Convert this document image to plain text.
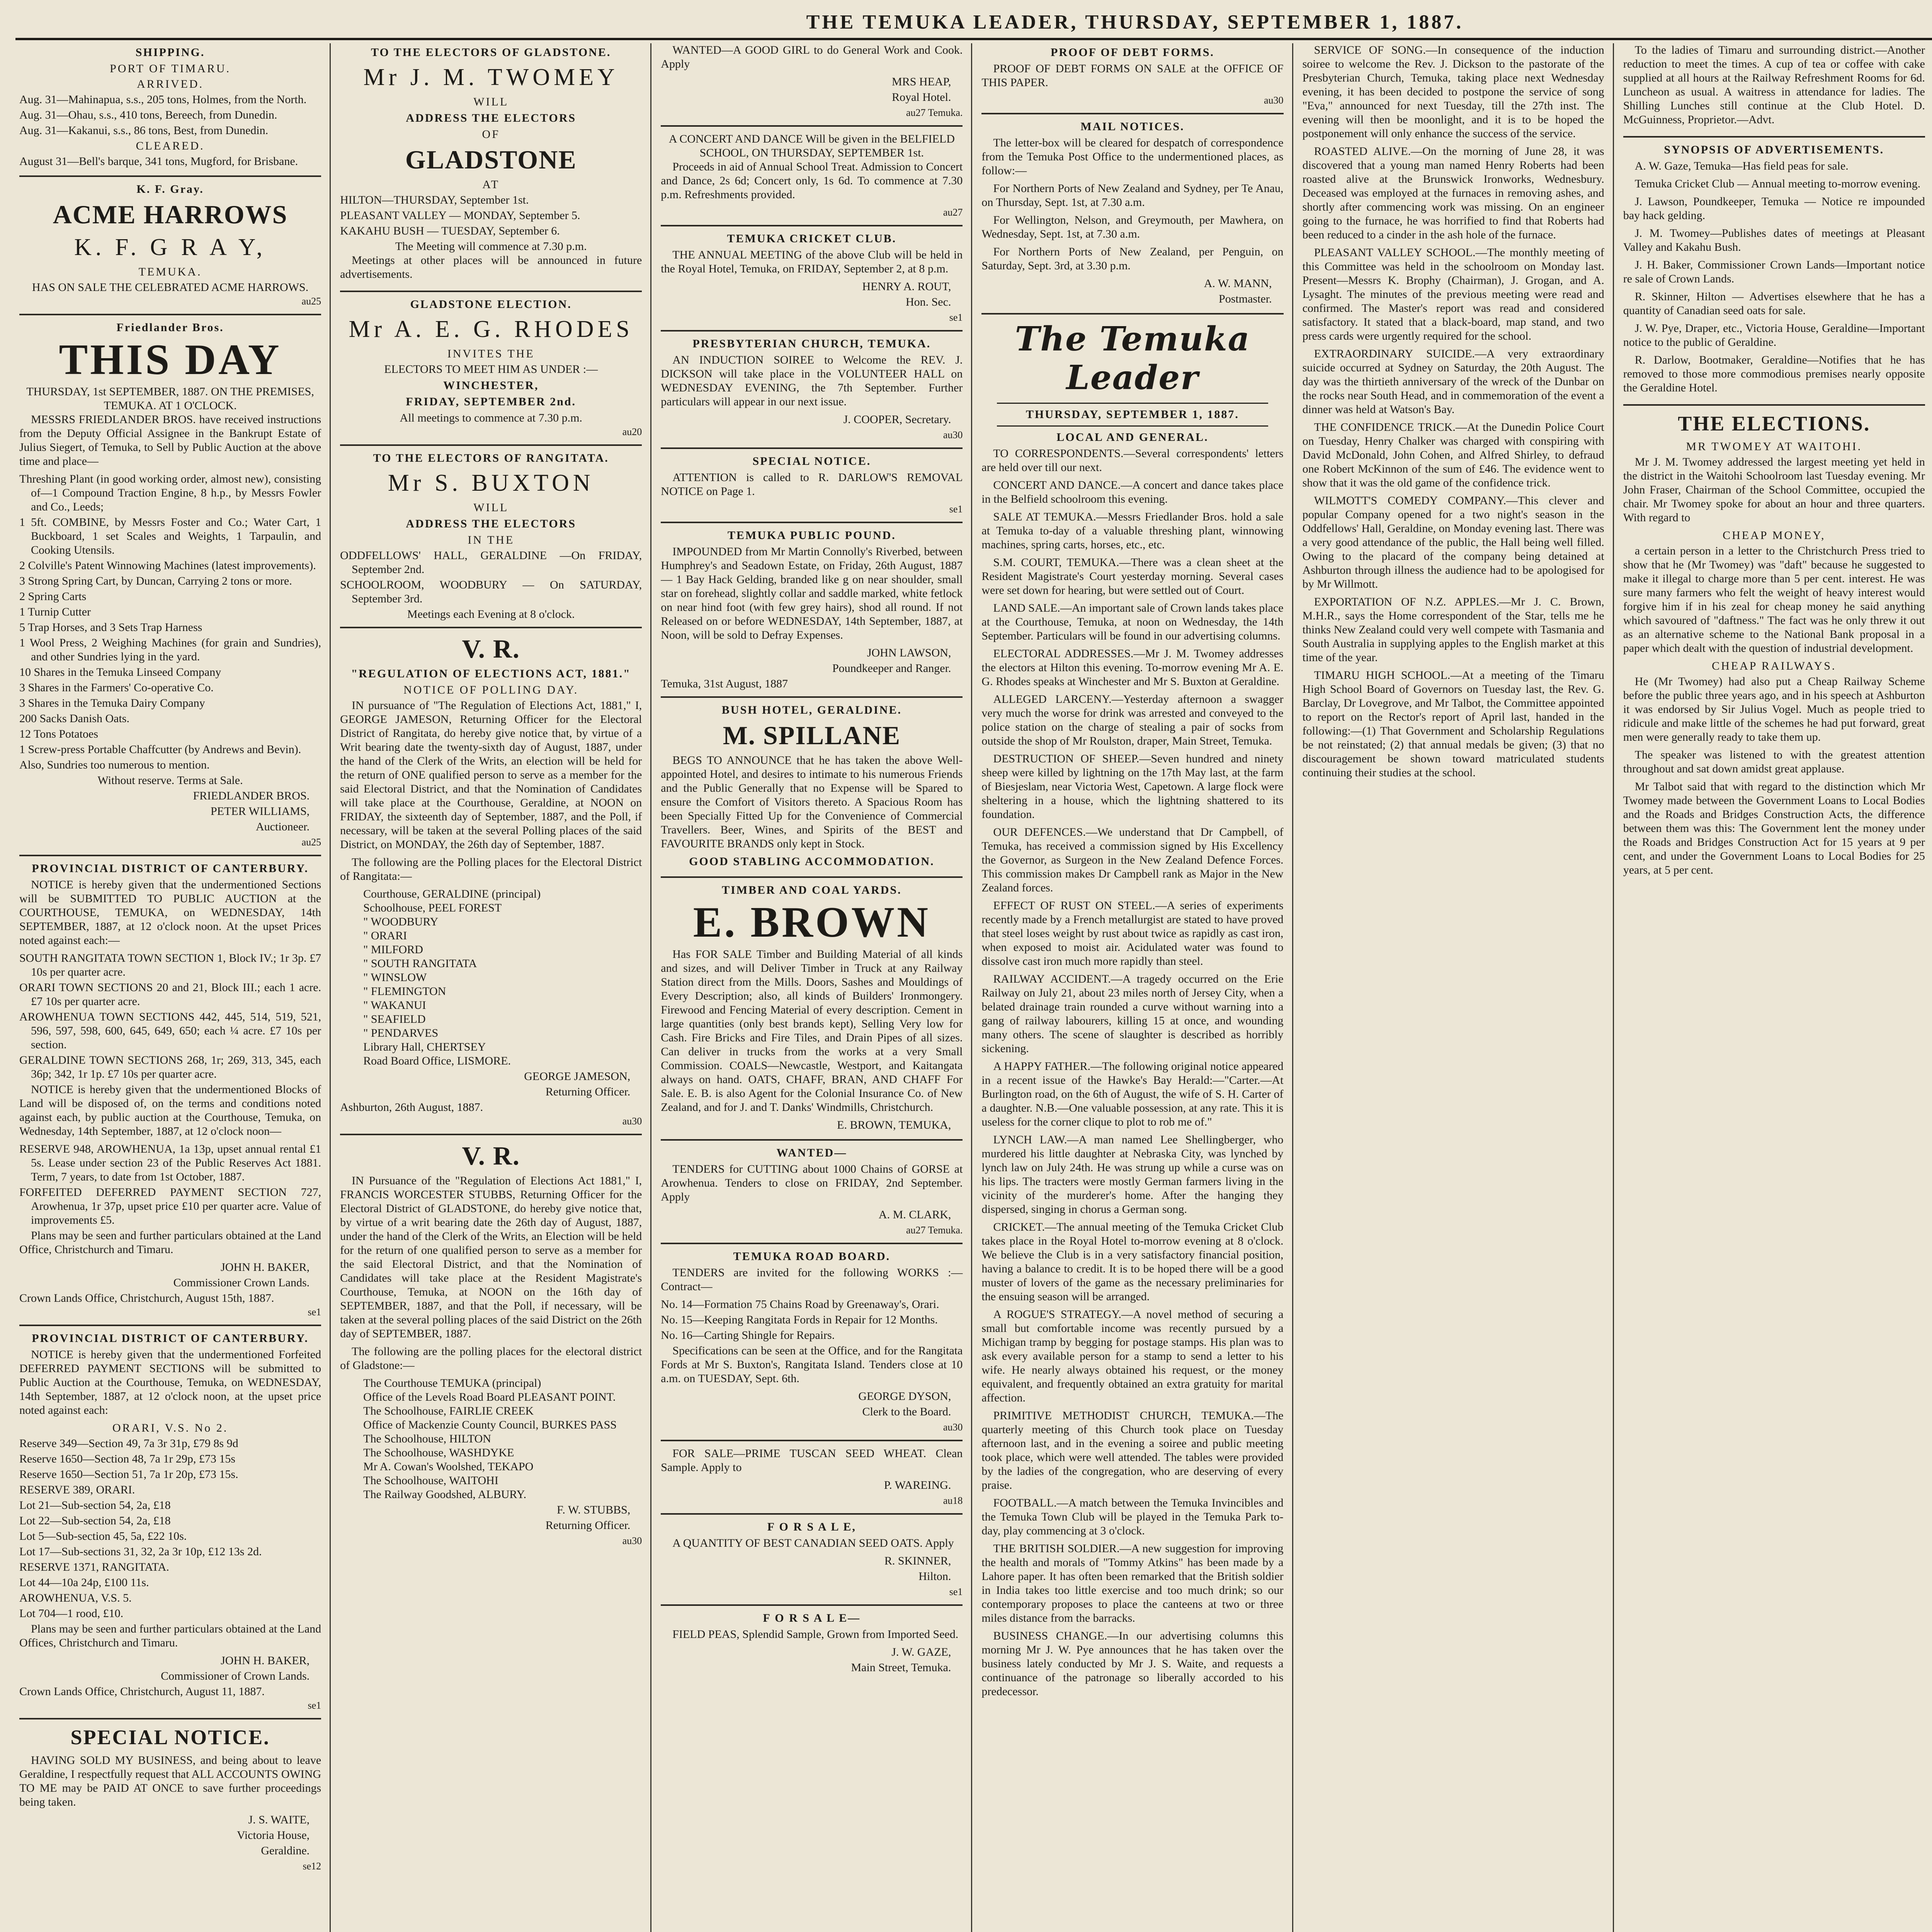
THE TEMUKA LEADER, THURSDAY, SEPTEMBER 1, 1887.
SHIPPING.
PORT OF TIMARU.
ARRIVED.

Aug. 31—Mahinapua, s.s., 205 tons, Holmes, from the North.

Aug. 31—Ohau, s.s., 410 tons, Bereech, from Dunedin.

Aug. 31—Kakanui, s.s., 86 tons, Best, from Dunedin.

CLEARED.

August 31—Bell's barque, 341 tons, Mugford, for Brisbane.

K. F. Gray.
ACME HARROWS
K. F. G R A Y,
TEMUKA.

HAS ON SALE THE CELEBRATED ACME HARROWS.

au25
Friedlander Bros.
THIS DAY

THURSDAY, 1st SEPTEMBER, 1887. ON THE PREMISES, TEMUKA. AT 1 O'CLOCK.

MESSRS FRIEDLANDER BROS. have received instructions from the Deputy Official Assignee in the Bankrupt Estate of Julius Siegert, of Temuka, to Sell by Public Auction at the above time and place—

Threshing Plant (in good working order, almost new), consisting of—1 Compound Traction Engine, 8 h.p., by Messrs Fowler and Co., Leeds;

1 5ft. COMBINE, by Messrs Foster and Co.; Water Cart, 1 Buckboard, 1 set Scales and Weights, 1 Tarpaulin, and Cooking Utensils.

2 Colville's Patent Winnowing Machines (latest improvements).

3 Strong Spring Cart, by Duncan, Carrying 2 tons or more.

2 Spring Carts

1 Turnip Cutter

5 Trap Horses, and 3 Sets Trap Harness

1 Wool Press, 2 Weighing Machines (for grain and Sundries), and other Sundries lying in the yard.

10 Shares in the Temuka Linseed Company

3 Shares in the Farmers' Co-operative Co.

3 Shares in the Temuka Dairy Company

200 Sacks Danish Oats.

12 Tons Potatoes

1 Screw-press Portable Chaffcutter (by Andrews and Bevin).

Also, Sundries too numerous to mention.

Without reserve. Terms at Sale.

FRIEDLANDER BROS.

PETER WILLIAMS,

Auctioneer.

au25
PROVINCIAL DISTRICT OF CANTERBURY.

NOTICE is hereby given that the undermentioned Sections will be SUBMITTED TO PUBLIC AUCTION at the COURTHOUSE, TEMUKA, on WEDNESDAY, 14th SEPTEMBER, 1887, at 12 o'clock noon. At the upset Prices noted against each:—

SOUTH RANGITATA TOWN SECTION 1, Block IV.; 1r 3p. £7 10s per quarter acre.

ORARI TOWN SECTIONS 20 and 21, Block III.; each 1 acre. £7 10s per quarter acre.

AROWHENUA TOWN SECTIONS 442, 445, 514, 519, 521, 596, 597, 598, 600, 645, 649, 650; each ¼ acre. £7 10s per section.

GERALDINE TOWN SECTIONS 268, 1r; 269, 313, 345, each 36p; 342, 1r 1p. £7 10s per quarter acre.

NOTICE is hereby given that the undermentioned Blocks of Land will be disposed of, on the terms and conditions noted against each, by public auction at the Courthouse, Temuka, on Wednesday, 14th September, 1887, at 12 o'clock noon—

RESERVE 948, AROWHENUA, 1a 13p, upset annual rental £1 5s. Lease under section 23 of the Public Reserves Act 1881. Term, 7 years, to date from 1st October, 1887.

FORFEITED DEFERRED PAYMENT SECTION 727, Arowhenua, 1r 37p, upset price £10 per quarter acre. Value of improvements £5.

Plans may be seen and further particulars obtained at the Land Office, Christchurch and Timaru.

JOHN H. BAKER,

Commissioner Crown Lands.

Crown Lands Office, Christchurch, August 15th, 1887.

se1
PROVINCIAL DISTRICT OF CANTERBURY.

NOTICE is hereby given that the undermentioned Forfeited DEFERRED PAYMENT SECTIONS will be submitted to Public Auction at the Courthouse, Temuka, on WEDNESDAY, 14th September, 1887, at 12 o'clock noon, at the upset price noted against each:

ORARI, V.S. No 2.

Reserve 349—Section 49, 7a 3r 31p, £79 8s 9d

Reserve 1650—Section 48, 7a 1r 29p, £73 15s

Reserve 1650—Section 51, 7a 1r 20p, £73 15s.

RESERVE 389, ORARI.

Lot 21—Sub-section 54, 2a, £18

Lot 22—Sub-section 54, 2a, £18

Lot 5—Sub-section 45, 5a, £22 10s.

Lot 17—Sub-sections 31, 32, 2a 3r 10p, £12 13s 2d.

RESERVE 1371, RANGITATA.

Lot 44—10a 24p, £100 11s.

AROWHENUA, V.S. 5.

Lot 704—1 rood, £10.

Plans may be seen and further particulars obtained at the Land Offices, Christchurch and Timaru.

JOHN H. BAKER,

Commissioner of Crown Lands.

Crown Lands Office, Christchurch, August 11, 1887.

se1
SPECIAL NOTICE.

HAVING SOLD MY BUSINESS, and being about to leave Geraldine, I respectfully request that ALL ACCOUNTS OWING TO ME may be PAID AT ONCE to save further proceedings being taken.

J. S. WAITE,

Victoria House,

Geraldine.

se12
TO THE ELECTORS OF GLADSTONE.
Mr J. M. TWOMEY
WILL
ADDRESS THE ELECTORS
OF
GLADSTONE
AT

HILTON—THURSDAY, September 1st.

PLEASANT VALLEY — MONDAY, September 5.

KAKAHU BUSH — TUESDAY, September 6.

The Meeting will commence at 7.30 p.m.

Meetings at other places will be announced in future advertisements.

GLADSTONE ELECTION.
Mr A. E. G. RHODES
INVITES THE

ELECTORS TO MEET HIM AS UNDER :—

WINCHESTER,
FRIDAY, SEPTEMBER 2nd.

All meetings to commence at 7.30 p.m.

au20
TO THE ELECTORS OF RANGITATA.
Mr S. BUXTON
WILL
ADDRESS THE ELECTORS
IN THE

ODDFELLOWS' HALL, GERALDINE —On FRIDAY, September 2nd.

SCHOOLROOM, WOODBURY — On SATURDAY, September 3rd.

Meetings each Evening at 8 o'clock.

V. R.
"REGULATION OF ELECTIONS ACT, 1881."
NOTICE OF POLLING DAY.

IN pursuance of "The Regulation of Elections Act, 1881," I, GEORGE JAMESON, Returning Officer for the Electoral District of Rangitata, do hereby give notice that, by virtue of a Writ bearing date the twenty-sixth day of August, 1887, under the hand of the Clerk of the Writs, an election will be held for the return of ONE qualified person to serve as a member for the said Electoral District, and that the Nomination of Candidates will take place at the Courthouse, Geraldine, at NOON on FRIDAY, the sixteenth day of September, 1887, and the Poll, if necessary, will be taken at the several Polling places of the said District, on MONDAY, the 26th day of September, 1887.

The following are the Polling places for the Electoral District of Rangitata:—

Courthouse, GERALDINE (principal)

Schoolhouse, PEEL FOREST

" WOODBURY

" ORARI

" MILFORD

" SOUTH RANGITATA

" WINSLOW

" FLEMINGTON

" WAKANUI

" SEAFIELD

" PENDARVES

Library Hall, CHERTSEY

Road Board Office, LISMORE.

GEORGE JAMESON,

Returning Officer.

Ashburton, 26th August, 1887.

au30
V. R.

IN Pursuance of the "Regulation of Elections Act 1881," I, FRANCIS WORCESTER STUBBS, Returning Officer for the Electoral District of GLADSTONE, do hereby give notice that, by virtue of a writ bearing date the 26th day of August, 1887, under the hand of the Clerk of the Writs, an Election will be held for the return of one qualified person to serve as a member for the said Electoral District, and that the Nomination of Candidates will take place at the Resident Magistrate's Courthouse, Temuka, at NOON on the 16th day of SEPTEMBER, 1887, and that the Poll, if necessary, will be taken at the several polling places of the said District on the 26th day of SEPTEMBER, 1887.

The following are the polling places for the electoral district of Gladstone:—

The Courthouse TEMUKA (principal)

Office of the Levels Road Board PLEASANT POINT.

The Schoolhouse, FAIRLIE CREEK

Office of Mackenzie County Council, BURKES PASS

The Schoolhouse, HILTON

The Schoolhouse, WASHDYKE

Mr A. Cowan's Woolshed, TEKAPO

The Schoolhouse, WAITOHI

The Railway Goodshed, ALBURY.

F. W. STUBBS,

Returning Officer.

au30

WANTED—A GOOD GIRL to do General Work and Cook. Apply

MRS HEAP,

Royal Hotel.

au27 Temuka.

A CONCERT AND DANCE Will be given in the BELFIELD SCHOOL, ON THURSDAY, SEPTEMBER 1st.

Proceeds in aid of Annual School Treat. Admission to Concert and Dance, 2s 6d; Concert only, 1s 6d. To commence at 7.30 p.m. Refreshments provided.

au27
TEMUKA CRICKET CLUB.

THE ANNUAL MEETING of the above Club will be held in the Royal Hotel, Temuka, on FRIDAY, September 2, at 8 p.m.

HENRY A. ROUT,

Hon. Sec.

se1
PRESBYTERIAN CHURCH, TEMUKA.

AN INDUCTION SOIREE to Welcome the REV. J. DICKSON will take place in the VOLUNTEER HALL on WEDNESDAY EVENING, the 7th September. Further particulars will appear in our next issue.

J. COOPER, Secretary.

au30
SPECIAL NOTICE.

ATTENTION is called to R. DARLOW'S REMOVAL NOTICE on Page 1.

se1
TEMUKA PUBLIC POUND.

IMPOUNDED from Mr Martin Connolly's Riverbed, between Humphrey's and Seadown Estate, on Friday, 26th August, 1887— 1 Bay Hack Gelding, branded like g on near shoulder, small star on forehead, slightly collar and saddle marked, white fetlock on near hind foot (with few grey hairs), shod all round. If not Released on or before WEDNESDAY, 14th September, 1887, at Noon, will be sold to Defray Expenses.

JOHN LAWSON,

Poundkeeper and Ranger.

Temuka, 31st August, 1887

BUSH HOTEL, GERALDINE.
M. SPILLANE

BEGS TO ANNOUNCE that he has taken the above Well-appointed Hotel, and desires to intimate to his numerous Friends and the Public Generally that no Expense will be Spared to ensure the Comfort of Visitors thereto. A Spacious Room has been Specially Fitted Up for the Convenience of Commercial Travellers. Beer, Wines, and Spirits of the BEST and FAVOURITE BRANDS only kept in Stock.

GOOD STABLING ACCOMMODATION.
TIMBER AND COAL YARDS.
E. BROWN

Has FOR SALE Timber and Building Material of all kinds and sizes, and will Deliver Timber in Truck at any Railway Station direct from the Mills. Doors, Sashes and Mouldings of Every Description; also, all kinds of Builders' Ironmongery. Firewood and Fencing Material of every description. Cement in large quantities (only best brands kept), Selling Very low for Cash. Fire Bricks and Fire Tiles, and Drain Pipes of all sizes. Can deliver in trucks from the works at a very Small Commission. COALS—Newcastle, Westport, and Kaitangata always on hand. OATS, CHAFF, BRAN, AND CHAFF For Sale. E. B. is also Agent for the Colonial Insurance Co. of New Zealand, and for J. and T. Danks' Windmills, Christchurch.

E. BROWN, TEMUKA,

WANTED—

TENDERS for CUTTING about 1000 Chains of GORSE at Arowhenua. Tenders to close on FRIDAY, 2nd September. Apply

A. M. CLARK,

au27 Temuka.
TEMUKA ROAD BOARD.

TENDERS are invited for the following WORKS :— Contract—

No. 14—Formation 75 Chains Road by Greenaway's, Orari.

No. 15—Keeping Rangitata Fords in Repair for 12 Months.

No. 16—Carting Shingle for Repairs.

Specifications can be seen at the Office, and for the Rangitata Fords at Mr S. Buxton's, Rangitata Island. Tenders close at 10 a.m. on TUESDAY, Sept. 6th.

GEORGE DYSON,

Clerk to the Board.

au30

FOR SALE—PRIME TUSCAN SEED WHEAT. Clean Sample. Apply to

P. WAREING.

au18
F O R S A L E,

A QUANTITY OF BEST CANADIAN SEED OATS. Apply

R. SKINNER,

Hilton.

se1
F O R S A L E—

FIELD PEAS, Splendid Sample, Grown from Imported Seed.

J. W. GAZE,

Main Street, Temuka.

PROOF OF DEBT FORMS.

PROOF OF DEBT FORMS ON SALE at the OFFICE OF THIS PAPER.

au30
MAIL NOTICES.

The letter-box will be cleared for despatch of correspondence from the Temuka Post Office to the undermentioned places, as follow:—

For Northern Ports of New Zealand and Sydney, per Te Anau, on Thursday, Sept. 1st, at 7.30 a.m.

For Wellington, Nelson, and Greymouth, per Mawhera, on Wednesday, Sept. 1st, at 7.30 a.m.

For Northern Ports of New Zealand, per Penguin, on Saturday, Sept. 3rd, at 3.30 p.m.

A. W. MANN,

Postmaster.

The Temuka Leader
THURSDAY, SEPTEMBER 1, 1887.
LOCAL AND GENERAL.

TO CORRESPONDENTS.—Several correspondents' letters are held over till our next.

CONCERT AND DANCE.—A concert and dance takes place in the Belfield schoolroom this evening.

SALE AT TEMUKA.—Messrs Friedlander Bros. hold a sale at Temuka to-day of a valuable threshing plant, winnowing machines, spring carts, horses, etc., etc.

S.M. COURT, TEMUKA.—There was a clean sheet at the Resident Magistrate's Court yesterday morning. Several cases were set down for hearing, but were settled out of Court.

LAND SALE.—An important sale of Crown lands takes place at the Courthouse, Temuka, at noon on Wednesday, the 14th September. Particulars will be found in our advertising columns.

ELECTORAL ADDRESSES.—Mr J. M. Twomey addresses the electors at Hilton this evening. To-morrow evening Mr A. E. G. Rhodes speaks at Winchester and Mr S. Buxton at Geraldine.

ALLEGED LARCENY.—Yesterday afternoon a swagger very much the worse for drink was arrested and conveyed to the police station on the charge of stealing a pair of socks from outside the shop of Mr Roulston, draper, Main Street, Temuka.

DESTRUCTION OF SHEEP.—Seven hundred and ninety sheep were killed by lightning on the 17th May last, at the farm of Biesjeslam, near Victoria West, Capetown. A large flock were sheltering in a house, which the lightning shattered to its foundation.

OUR DEFENCES.—We understand that Dr Campbell, of Temuka, has received a commission signed by His Excellency the Governor, as Surgeon in the New Zealand Defence Forces. This commission makes Dr Campbell rank as Major in the New Zealand forces.

EFFECT OF RUST ON STEEL.—A series of experiments recently made by a French metallurgist are stated to have proved that steel loses weight by rust about twice as rapidly as cast iron, when exposed to moist air. Acidulated water was found to dissolve cast iron much more rapidly than steel.

RAILWAY ACCIDENT.—A tragedy occurred on the Erie Railway on July 21, about 23 miles north of Jersey City, when a belated drainage train rounded a curve without warning into a gang of railway labourers, killing 15 at once, and wounding many others. The scene of slaughter is described as horribly sickening.

A HAPPY FATHER.—The following original notice appeared in a recent issue of the Hawke's Bay Herald:—"Carter.—At Burlington road, on the 6th of August, the wife of S. H. Carter of a daughter. N.B.—One valuable possession, at any rate. This it is useless for the corner clique to plot to rob me of."

LYNCH LAW.—A man named Lee Shellingberger, who murdered his little daughter at Nebraska City, was lynched by lynch law on July 24th. He was strung up while a curse was on his lips. The tracters were mostly German farmers living in the vicinity of the murderer's home. After the hanging they dispersed, singing in chorus a German song.

CRICKET.—The annual meeting of the Temuka Cricket Club takes place in the Royal Hotel to-morrow evening at 8 o'clock. We believe the Club is in a very satisfactory financial position, having a balance to credit. It is to be hoped there will be a good muster of lovers of the game as the necessary preliminaries for the ensuing season will be arranged.

A ROGUE'S STRATEGY.—A novel method of securing a small but comfortable income was recently pursued by a Michigan tramp by begging for postage stamps. His plan was to ask every available person for a stamp to send a letter to his wife. He nearly always obtained his request, or the money equivalent, and frequently obtained an extra gratuity for marital affection.

PRIMITIVE METHODIST CHURCH, TEMUKA.—The quarterly meeting of this Church took place on Tuesday afternoon last, and in the evening a soiree and public meeting took place, which were well attended. The tables were provided by the ladies of the congregation, who are deserving of every praise.

FOOTBALL.—A match between the Temuka Invincibles and the Temuka Town Club will be played in the Temuka Park to-day, play commencing at 3 o'clock.

THE BRITISH SOLDIER.—A new suggestion for improving the health and morals of "Tommy Atkins" has been made by a Lahore paper. It has often been remarked that the British soldier in India takes too little exercise and too much drink; so our contemporary proposes to place the canteens at two or three miles distance from the barracks.

BUSINESS CHANGE.—In our advertising columns this morning Mr J. W. Pye announces that he has taken over the business lately conducted by Mr J. S. Waite, and requests a continuance of the patronage so liberally accorded to his predecessor.

SERVICE OF SONG.—In consequence of the induction soiree to welcome the Rev. J. Dickson to the pastorate of the Presbyterian Church, Temuka, taking place next Wednesday evening, it has been decided to postpone the service of song "Eva," announced for next Tuesday, till the 27th inst. The evening will then be moonlight, and it is to be hoped the postponement will only enhance the success of the service.

ROASTED ALIVE.—On the morning of June 28, it was discovered that a young man named Henry Roberts had been roasted alive at the Brunswick Ironworks, Wednesbury. Deceased was employed at the furnaces in removing ashes, and shortly after commencing work was missing. On an engineer going to the furnace, he was horrified to find that Roberts had been reduced to a cinder in the ash hole of the furnace.

PLEASANT VALLEY SCHOOL.—The monthly meeting of this Committee was held in the schoolroom on Monday last. Present—Messrs K. Brophy (Chairman), J. Grogan, and A. Lysaght. The minutes of the previous meeting were read and confirmed. The Master's report was read and considered satisfactory. It stated that a black-board, map stand, and two press cards were urgently required for the school.

EXTRAORDINARY SUICIDE.—A very extraordinary suicide occurred at Sydney on Saturday, the 20th August. The day was the thirtieth anniversary of the wreck of the Dunbar on the rocks near South Head, and in commemoration of the event a dinner was held at Watson's Bay.

THE CONFIDENCE TRICK.—At the Dunedin Police Court on Tuesday, Henry Chalker was charged with conspiring with David McDonald, John Cohen, and Alfred Shirley, to defraud one Robert McKinnon of the sum of £46. The evidence went to show that it was the old game of the confidence trick.

WILMOTT'S COMEDY COMPANY.—This clever and popular Company opened for a two night's season in the Oddfellows' Hall, Geraldine, on Monday evening last. There was a very good attendance of the public, the Hall being well filled. Owing to the placard of the company being detained at Ashburton through illness the audience had to be apologised for by Mr Willmott.

EXPORTATION OF N.Z. APPLES.—Mr J. C. Brown, M.H.R., says the Home correspondent of the Star, tells me he thinks New Zealand could very well compete with Tasmania and South Australia in supplying apples to the English market at this time of the year.

TIMARU HIGH SCHOOL.—At a meeting of the Timaru High School Board of Governors on Tuesday last, the Rev. G. Barclay, Dr Lovegrove, and Mr Talbot, the Committee appointed to report on the Rector's report of April last, handed in the following:—(1) That Government and Scholarship Regulations be not reinstated; (2) that annual medals be given; (3) that no discouragement be shown toward matriculated students continuing their studies at the school.

To the ladies of Timaru and surrounding district.—Another reduction to meet the times. A cup of tea or coffee with cake supplied at all hours at the Railway Refreshment Rooms for 6d. Luncheon as usual. A waitress in attendance for ladies. The Shilling Lunches still continue at the Club Hotel. D. McGuinness, Proprietor.—Advt.

SYNOPSIS OF ADVERTISEMENTS.

A. W. Gaze, Temuka—Has field peas for sale.

Temuka Cricket Club — Annual meeting to-morrow evening.

J. Lawson, Poundkeeper, Temuka — Notice re impounded bay hack gelding.

J. M. Twomey—Publishes dates of meetings at Pleasant Valley and Kakahu Bush.

J. H. Baker, Commissioner Crown Lands—Important notice re sale of Crown Lands.

R. Skinner, Hilton — Advertises elsewhere that he has a quantity of Canadian seed oats for sale.

J. W. Pye, Draper, etc., Victoria House, Geraldine—Important notice to the public of Geraldine.

R. Darlow, Bootmaker, Geraldine—Notifies that he has removed to those more commodious premises nearly opposite the Geraldine Hotel.

THE ELECTIONS.
MR TWOMEY AT WAITOHI.

Mr J. M. Twomey addressed the largest meeting yet held in the district in the Waitohi Schoolroom last Tuesday evening. Mr John Fraser, Chairman of the School Committee, occupied the chair. Mr Twomey spoke for about an hour and three quarters. With regard to

CHEAP MONEY,

a certain person in a letter to the Christchurch Press tried to show that he (Mr Twomey) was "daft" because he suggested to make it illegal to charge more than 5 per cent. interest. He was sure many farmers who felt the weight of heavy interest would forgive him if in his zeal for cheap money he said anything which savoured of "daftness." The fact was he only threw it out as an alternative scheme to the National Bank proposal in a paper which dealt with the question of industrial development.

CHEAP RAILWAYS.

He (Mr Twomey) had also put a Cheap Railway Scheme before the public three years ago, and in his speech at Ashburton it was endorsed by Sir Julius Vogel. Much as people tried to ridicule and make little of the schemes he had put forward, great men were generally ready to take them up.

The speaker was listened to with the greatest attention throughout and sat down amidst great applause.

Mr Talbot said that with regard to the distinction which Mr Twomey made between the Government Loans to Local Bodies and the Roads and Bridges Construction Acts, the difference between them was this: The Government lent the money under the Roads and Bridges Construction Act for 15 years at 9 per cent, and under the Government Loans to Local Bodies for 25 years, at 5 per cent.
